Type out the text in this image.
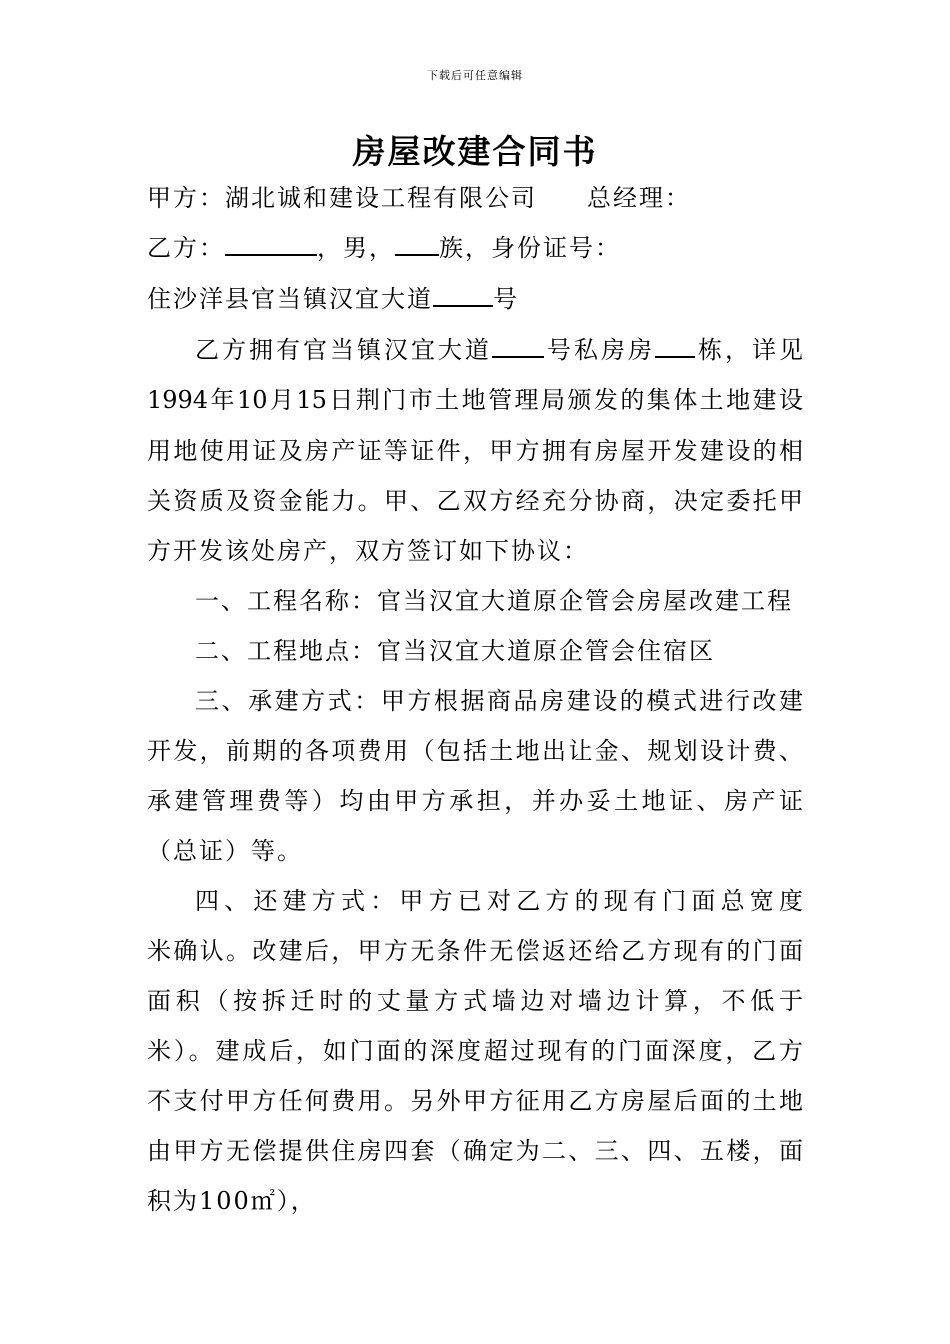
下载后可任意编辑
房屋改建合同书
甲方：湖北诚和建设工程有限公司 总经理：
乙方：	，男， 族，身份证号：
住沙洋县官当镇汉宜大道	号
乙方拥有官当镇汉宜大道 号私房房 栋，详见
1994年10月15日荆门市土地管理局颁发的集体土地建设
用地使用证及房产证等证件，甲方拥有房屋开发建设的相
关资质及资金能力。甲、乙双方经充分协商，决定委托甲
方开发该处房产，双方签订如下协议：
一、工程名称：官当汉宜大道原企管会房屋改建工程
二、工程地点：官当汉宜大道原企管会住宿区
三、承建方式：甲方根据商品房建设的模式进行改建
开发，前期的各项费用（包括土地出让金、规划设计费、
承建管理费等）均由甲方承担，并办妥土地证、房产证
（总证）等。
四、还建方式：甲方已对乙方的现有门面总宽度
米确认。改建后，甲方无条件无偿返还给乙方现有的门面
面积（按拆迁时的丈量方式墙边对墙边计算，不低于
米）。建成后，如门面的深度超过现有的门面深度，乙方
不支付甲方任何费用。另外甲方征用乙方房屋后面的土地
由甲方无偿提供住房四套（确定为二、三、四、五楼，面
积为100㎡），
